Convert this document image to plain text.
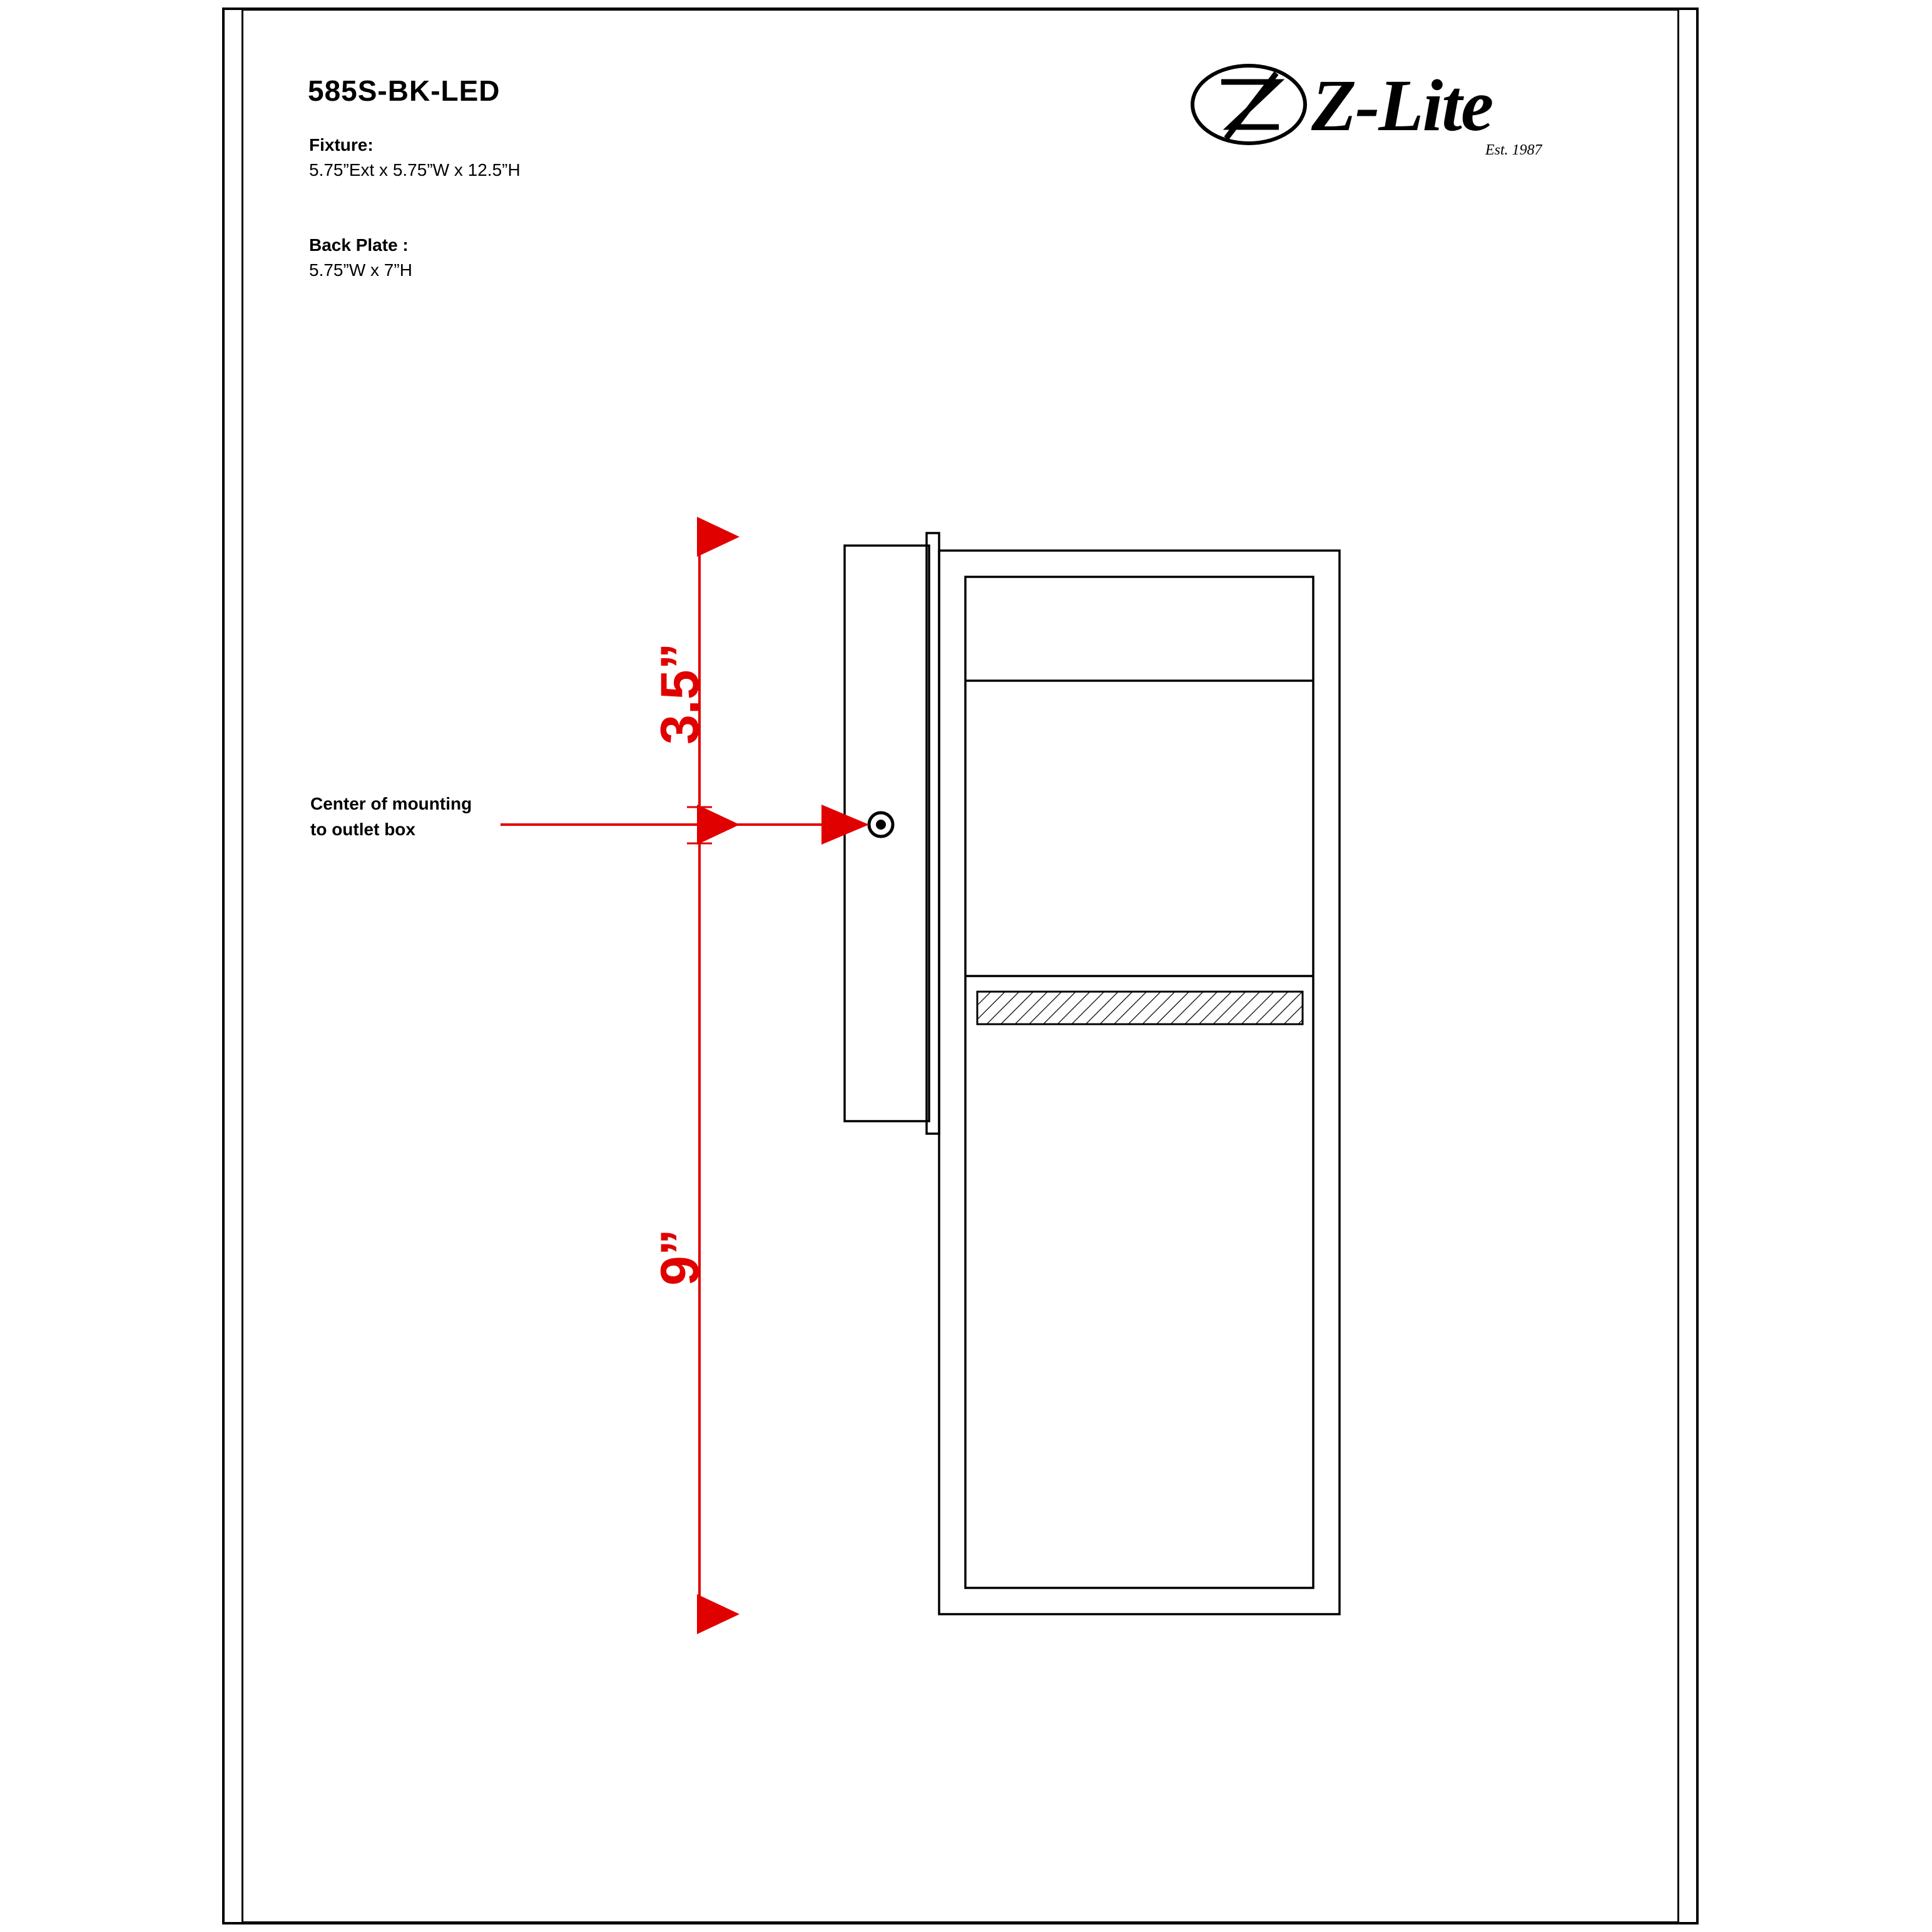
585S-BK-LED
Fixture:
5.75”Ext x 5.75”W x 12.5”H
Back Plate :
5.75”W x 7”H
Z-Lite
Est. 1987
Center of mounting
to outlet box
3.5”
9”
